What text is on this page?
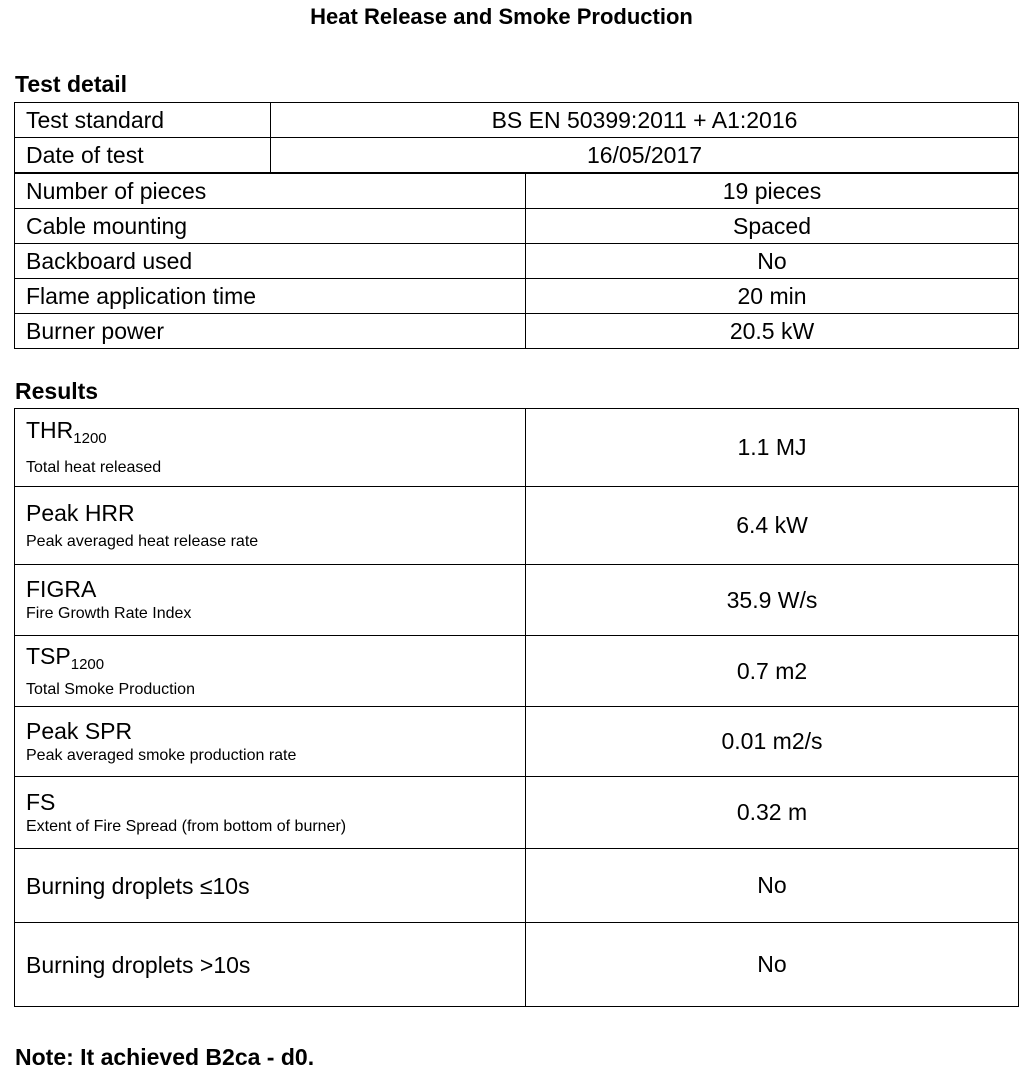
Heat Release and Smoke Production
Test detail
Test standard	BS EN 50399:2011 + A1:2016
Date of test	16/05/2017
Number of pieces	19 pieces
Cable mounting	Spaced
Backboard used	No
Flame application time	20 min
Burner power	20.5 kW
Results
$THR_{1200}$
Total heat released	1.1 MJ

Peak HRR
Peak averaged heat release rate	6.4 kW

FIGRA
Fire Growth Rate Index	35.9 W/s

$TSP_{1200}$
Total Smoke Production	0.7 m2

Peak SPR
Peak averaged smoke production rate	0.01 m2/s

FS
Extent of Fire Spread (from bottom of burner)	0.32 m

Burning droplets ≤10s	No

Burning droplets >10s	No
Note: It achieved B2ca - d0.
